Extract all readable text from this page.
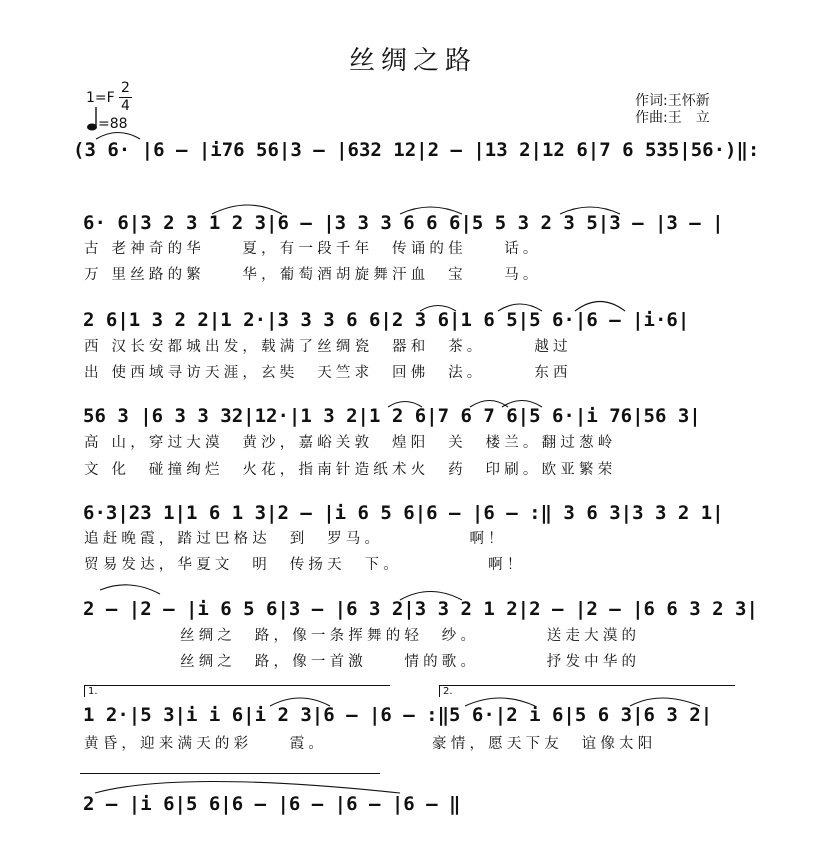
丝绸之路
1=F
2
4
=88
作词:王怀新
作曲:王　立
(3 6· |6 – |i76 56|3 – |632 12|2 – |13 2|12 6|7 6 535|56·)‖:
6· 6|3 2 3 1 2 3|6 – |3 3 3 6 6 6|5 5 3 2 3 5|3 – |3 – |
古 老神奇的华　　夏，有一段千年　传诵的佳　　话。
万 里丝路的繁　　华，葡萄酒胡旋舞汗血　宝　　马。
2 6|1 3 2 2|1 2·|3 3 3 6 6|2 3 6|1 6 5|5 6·|6 – |i·6|
西 汉长安都城出发，载满了丝绸瓷　器和　茶。　　　越过
出 使西域寻访天涯，玄奘　天竺求　回佛　法。　　　东西
56 3 |6 3 3 32|12·|1 3 2|1 2 6|7 6 7 6|5 6·|i 76|56 3|
高 山，穿过大漠　黄沙，嘉峪关敦　煌阳　关　楼兰。翻过葱岭
文 化　碰撞绚烂　火花，指南针造纸术火　药　印刷。欧亚繁荣
6·3|23 1|1 6 1 3|2 – |i 6 5 6|6 – |6 – :‖ 3 6 3|3 3 2 1|
追赶晚霞，踏过巴格达　到　罗马。　　　　　啊！
贸易发达，华夏文　明　传扬天　下。　　　　　啊！
2 – |2 – |i 6 5 6|3 – |6 3 2|3 3 2 1 2|2 – |2 – |6 6 3 2 3|
丝绸之　路，像一条挥舞的轻　纱。　　　　送走大漠的
丝绸之　路，像一首激　　情的歌。　　　　抒发中华的
1.	2.
1 2·|5 3|i i 6|i 2 3|6 – |6 – :‖5 6·|2 i 6|5 6 3|6 3 2|
黄昏，迎来满天的彩　　霞。　　　　　　豪情，愿天下友　谊像太阳
2 – |i 6|5 6|6 – |6 – |6 – |6 – ‖
